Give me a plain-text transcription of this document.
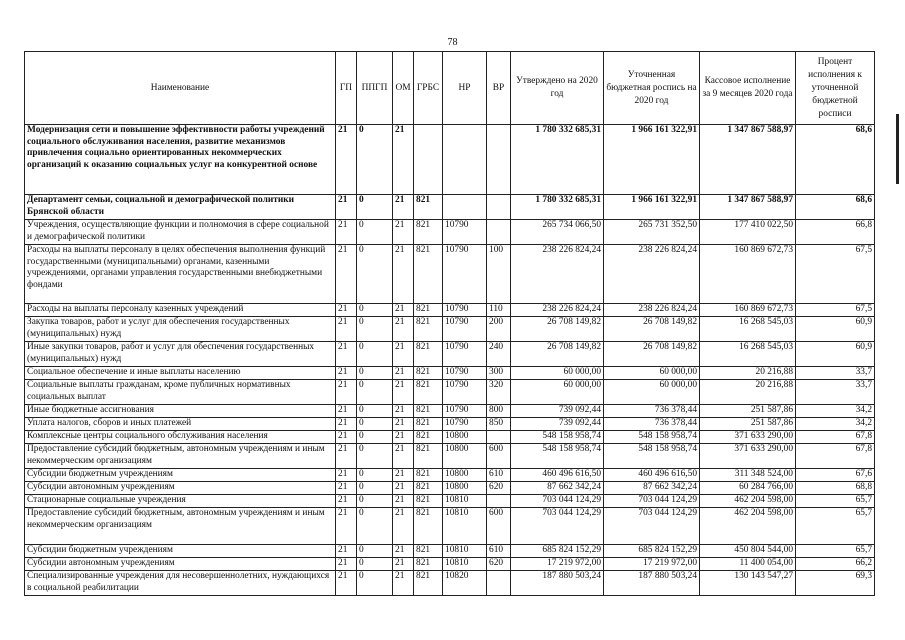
78
Наименование	ГП	ППГП	ОМ	ГРБС	НР	ВР	Утверждено на 2020 год	Уточненная бюджетная роспись на 2020 год	Кассовое исполнение за 9 месяцев 2020 года	Процент исполнения к уточненной бюджетной росписи
Модернизация сети и повышение эффективности работы учреждений социального обслуживания населения, развитие механизмов привлечения социально ориентированных некоммерческих организаций к оказанию социальных услуг на конкурентной основе	21	0	21				1 780 332 685,31	1 966 161 322,91	1 347 867 588,97	68,6
Департамент семьи, социальной и демографической политики Брянской области	21	0	21	821			1 780 332 685,31	1 966 161 322,91	1 347 867 588,97	68,6
Учреждения, осуществляющие функции и полномочия в сфере социальной и демографической политики	21	0	21	821	10790		265 734 066,50	265 731 352,50	177 410 022,50	66,8
Расходы на выплаты персоналу в целях обеспечения выполнения функций государственными (муниципальными) органами, казенными учреждениями, органами управления государственными внебюджетными фондами	21	0	21	821	10790	100	238 226 824,24	238 226 824,24	160 869 672,73	67,5
Расходы на выплаты персоналу казенных учреждений	21	0	21	821	10790	110	238 226 824,24	238 226 824,24	160 869 672,73	67,5
Закупка товаров, работ и услуг для обеспечения государственных (муниципальных) нужд	21	0	21	821	10790	200	26 708 149,82	26 708 149,82	16 268 545,03	60,9
Иные закупки товаров, работ и услуг для обеспечения государственных (муниципальных) нужд	21	0	21	821	10790	240	26 708 149,82	26 708 149,82	16 268 545,03	60,9
Социальное обеспечение и иные выплаты населению	21	0	21	821	10790	300	60 000,00	60 000,00	20 216,88	33,7
Социальные выплаты гражданам, кроме публичных нормативных социальных выплат	21	0	21	821	10790	320	60 000,00	60 000,00	20 216,88	33,7
Иные бюджетные ассигнования	21	0	21	821	10790	800	739 092,44	736 378,44	251 587,86	34,2
Уплата налогов, сборов и иных платежей	21	0	21	821	10790	850	739 092,44	736 378,44	251 587,86	34,2
Комплексные центры социального обслуживания населения	21	0	21	821	10800		548 158 958,74	548 158 958,74	371 633 290,00	67,8
Предоставление субсидий бюджетным, автономным учреждениям и иным некоммерческим организациям	21	0	21	821	10800	600	548 158 958,74	548 158 958,74	371 633 290,00	67,8
Субсидии бюджетным учреждениям	21	0	21	821	10800	610	460 496 616,50	460 496 616,50	311 348 524,00	67,6
Субсидии автономным учреждениям	21	0	21	821	10800	620	87 662 342,24	87 662 342,24	60 284 766,00	68,8
Стационарные социальные учреждения	21	0	21	821	10810		703 044 124,29	703 044 124,29	462 204 598,00	65,7
Предоставление субсидий бюджетным, автономным учреждениям и иным некоммерческим организациям	21	0	21	821	10810	600	703 044 124,29	703 044 124,29	462 204 598,00	65,7
Субсидии бюджетным учреждениям	21	0	21	821	10810	610	685 824 152,29	685 824 152,29	450 804 544,00	65,7
Субсидии автономным учреждениям	21	0	21	821	10810	620	17 219 972,00	17 219 972,00	11 400 054,00	66,2
Специализированные учреждения для несовершеннолетних, нуждающихся в социальной реабилитации	21	0	21	821	10820		187 880 503,24	187 880 503,24	130 143 547,27	69,3
